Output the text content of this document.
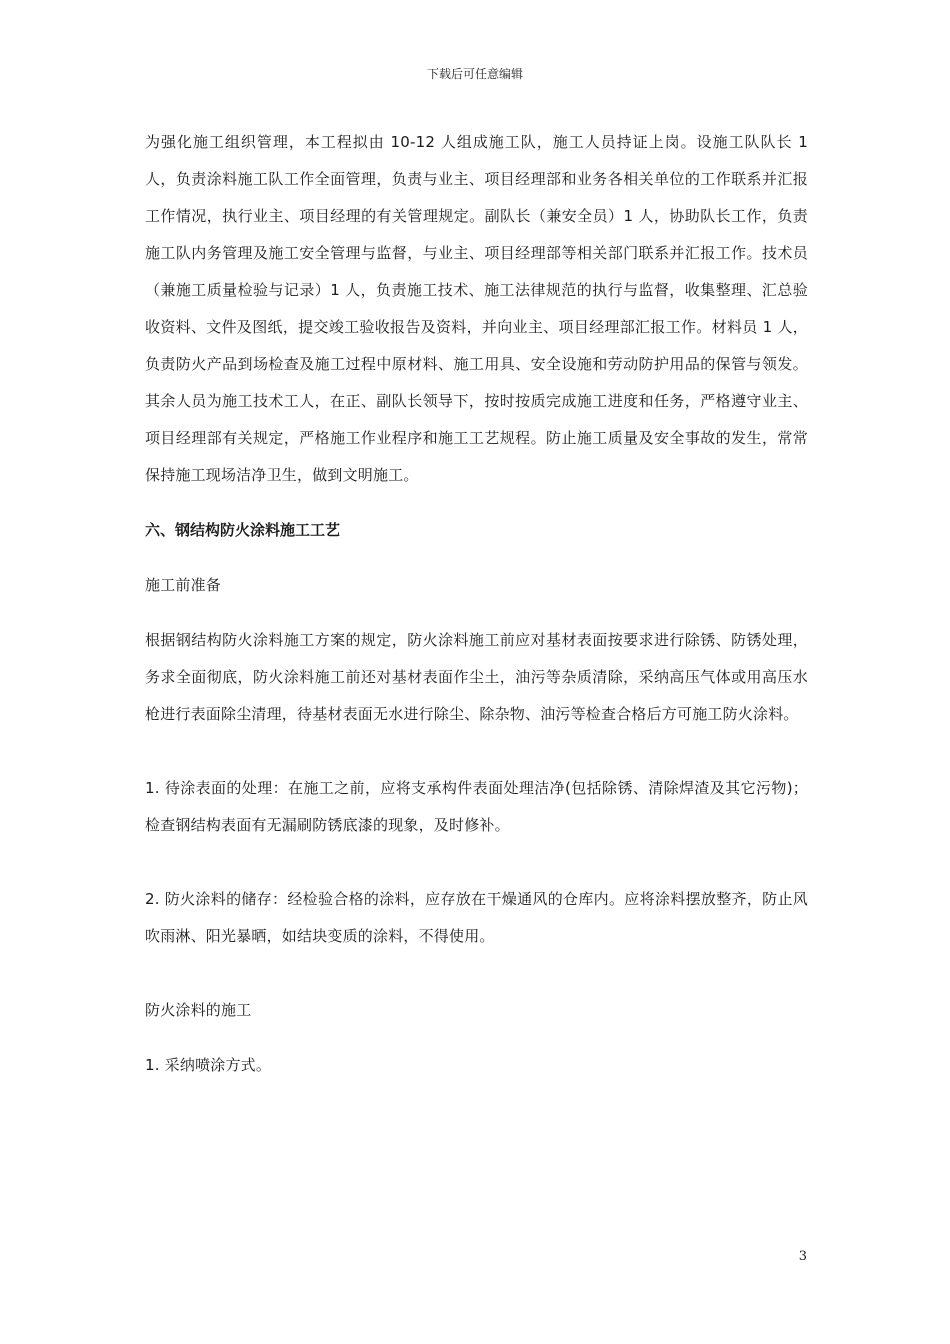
下载后可任意编辑

为强化施工组织管理，本工程拟由 10-12 人组成施工队，施工人员持证上岗。设施工队队长 1 人，负责涂料施工队工作全面管理，负责与业主、项目经理部和业务各相关单位的工作联系并汇报工作情况，执行业主、项目经理的有关管理规定。副队长（兼安全员）1 人，协助队长工作，负责施工队内务管理及施工安全管理与监督，与业主、项目经理部等相关部门联系并汇报工作。技术员（兼施工质量检验与记录）1 人，负责施工技术、施工法律规范的执行与监督，收集整理、汇总验收资料、文件及图纸，提交竣工验收报告及资料，并向业主、项目经理部汇报工作。材料员 1 人，负责防火产品到场检查及施工过程中原材料、施工用具、安全设施和劳动防护用品的保管与领发。其余人员为施工技术工人，在正、副队长领导下，按时按质完成施工进度和任务，严格遵守业主、项目经理部有关规定，严格施工作业程序和施工工艺规程。防止施工质量及安全事故的发生，常常保持施工现场洁净卫生，做到文明施工。

六、钢结构防火涂料施工工艺

施工前准备

根据钢结构防火涂料施工方案的规定，防火涂料施工前应对基材表面按要求进行除锈、防锈处理，务求全面彻底，防火涂料施工前还对基材表面作尘土，油污等杂质清除，采纳高压气体或用高压水枪进行表面除尘清理，待基材表面无水进行除尘、除杂物、油污等检查合格后方可施工防火涂料。

1. 待涂表面的处理：在施工之前，应将支承构件表面处理洁净(包括除锈、清除焊渣及其它污物)；检查钢结构表面有无漏刷防锈底漆的现象，及时修补。

2. 防火涂料的储存：经检验合格的涂料，应存放在干燥通风的仓库内。应将涂料摆放整齐，防止风吹雨淋、阳光暴晒，如结块变质的涂料，不得使用。

防火涂料的施工

1. 采纳喷涂方式。

3
